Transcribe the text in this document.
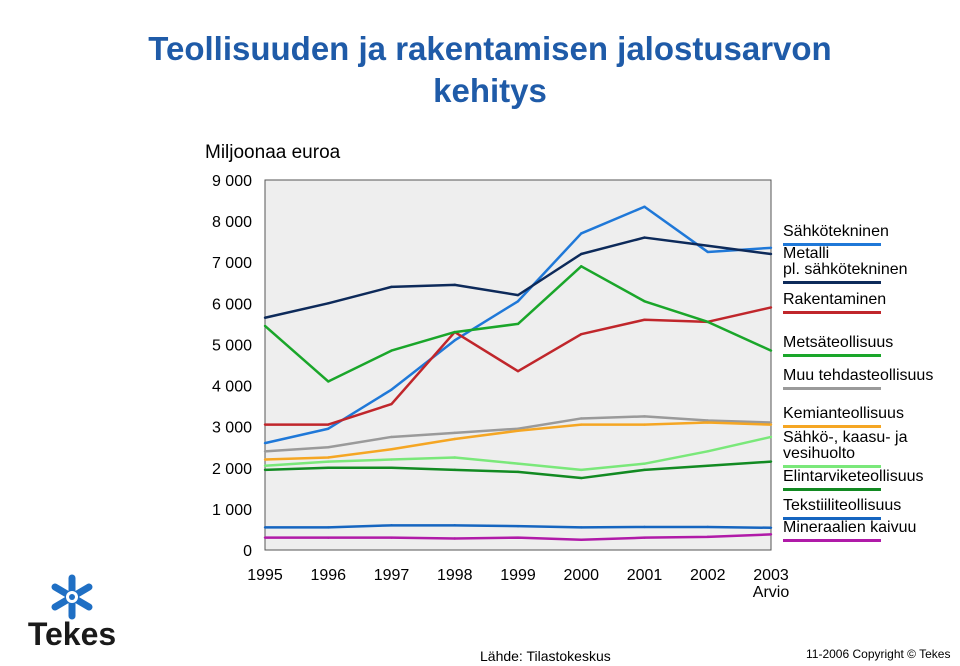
Teollisuuden ja rakentamisen jalostusarvon kehitys
Miljoonaa euroa
0
1 000
2 000
3 000
4 000
5 000
6 000
7 000
8 000
9 000
1995 1996 1997 1998 1999 2000 2001 2002 2003
Arvio
Sähkötekninen
Metalli
pl. sähkötekninen
Rakentaminen
Metsäteollisuus
Muu tehdasteollisuus
Kemianteollisuus
Sähkö-, kaasu- ja
vesihuolto
Elintarviketeollisuus
Tekstiiliteollisuus
Mineraalien kaivuu
Tekes
Lähde: Tilastokeskus	11-2006 Copyright © Tekes
